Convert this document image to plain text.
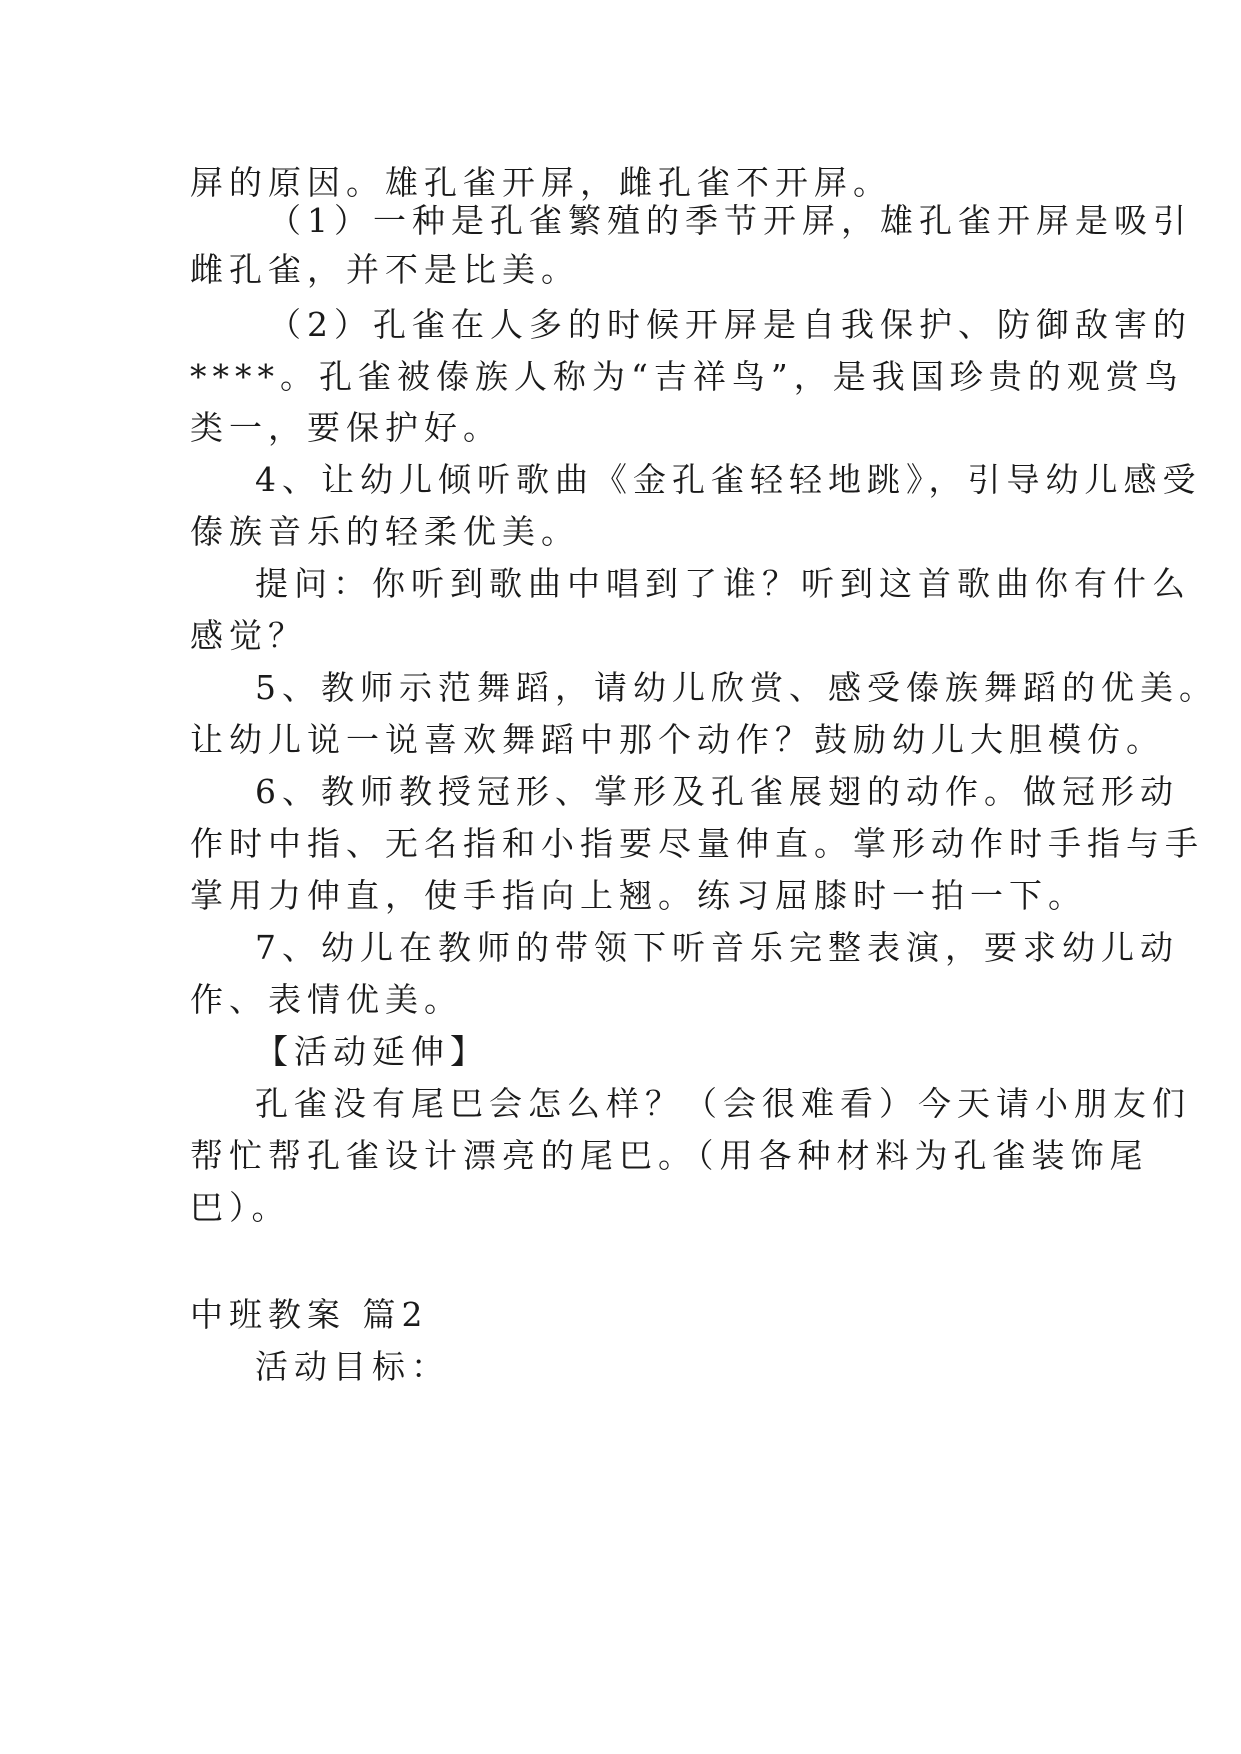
屏的原因。雄孔雀开屏，雌孔雀不开屏。
（1）一种是孔雀繁殖的季节开屏，雄孔雀开屏是吸引
雌孔雀，并不是比美。
（2）孔雀在人多的时候开屏是自我保护、防御敌害的
****。孔雀被傣族人称为“吉祥鸟”，是我国珍贵的观赏鸟
类一，要保护好。
4、让幼儿倾听歌曲《金孔雀轻轻地跳》，引导幼儿感受
傣族音乐的轻柔优美。
提问：你听到歌曲中唱到了谁？听到这首歌曲你有什么
感觉？
5、教师示范舞蹈，请幼儿欣赏、感受傣族舞蹈的优美。
让幼儿说一说喜欢舞蹈中那个动作？鼓励幼儿大胆模仿。
6、教师教授冠形、掌形及孔雀展翅的动作。做冠形动
作时中指、无名指和小指要尽量伸直。掌形动作时手指与手
掌用力伸直，使手指向上翘。练习屈膝时一拍一下。
7、幼儿在教师的带领下听音乐完整表演，要求幼儿动
作、表情优美。
【活动延伸】
孔雀没有尾巴会怎么样？（会很难看）今天请小朋友们
帮忙帮孔雀设计漂亮的尾巴。（用各种材料为孔雀装饰尾
巴）。
中班教案 篇2
活动目标：
